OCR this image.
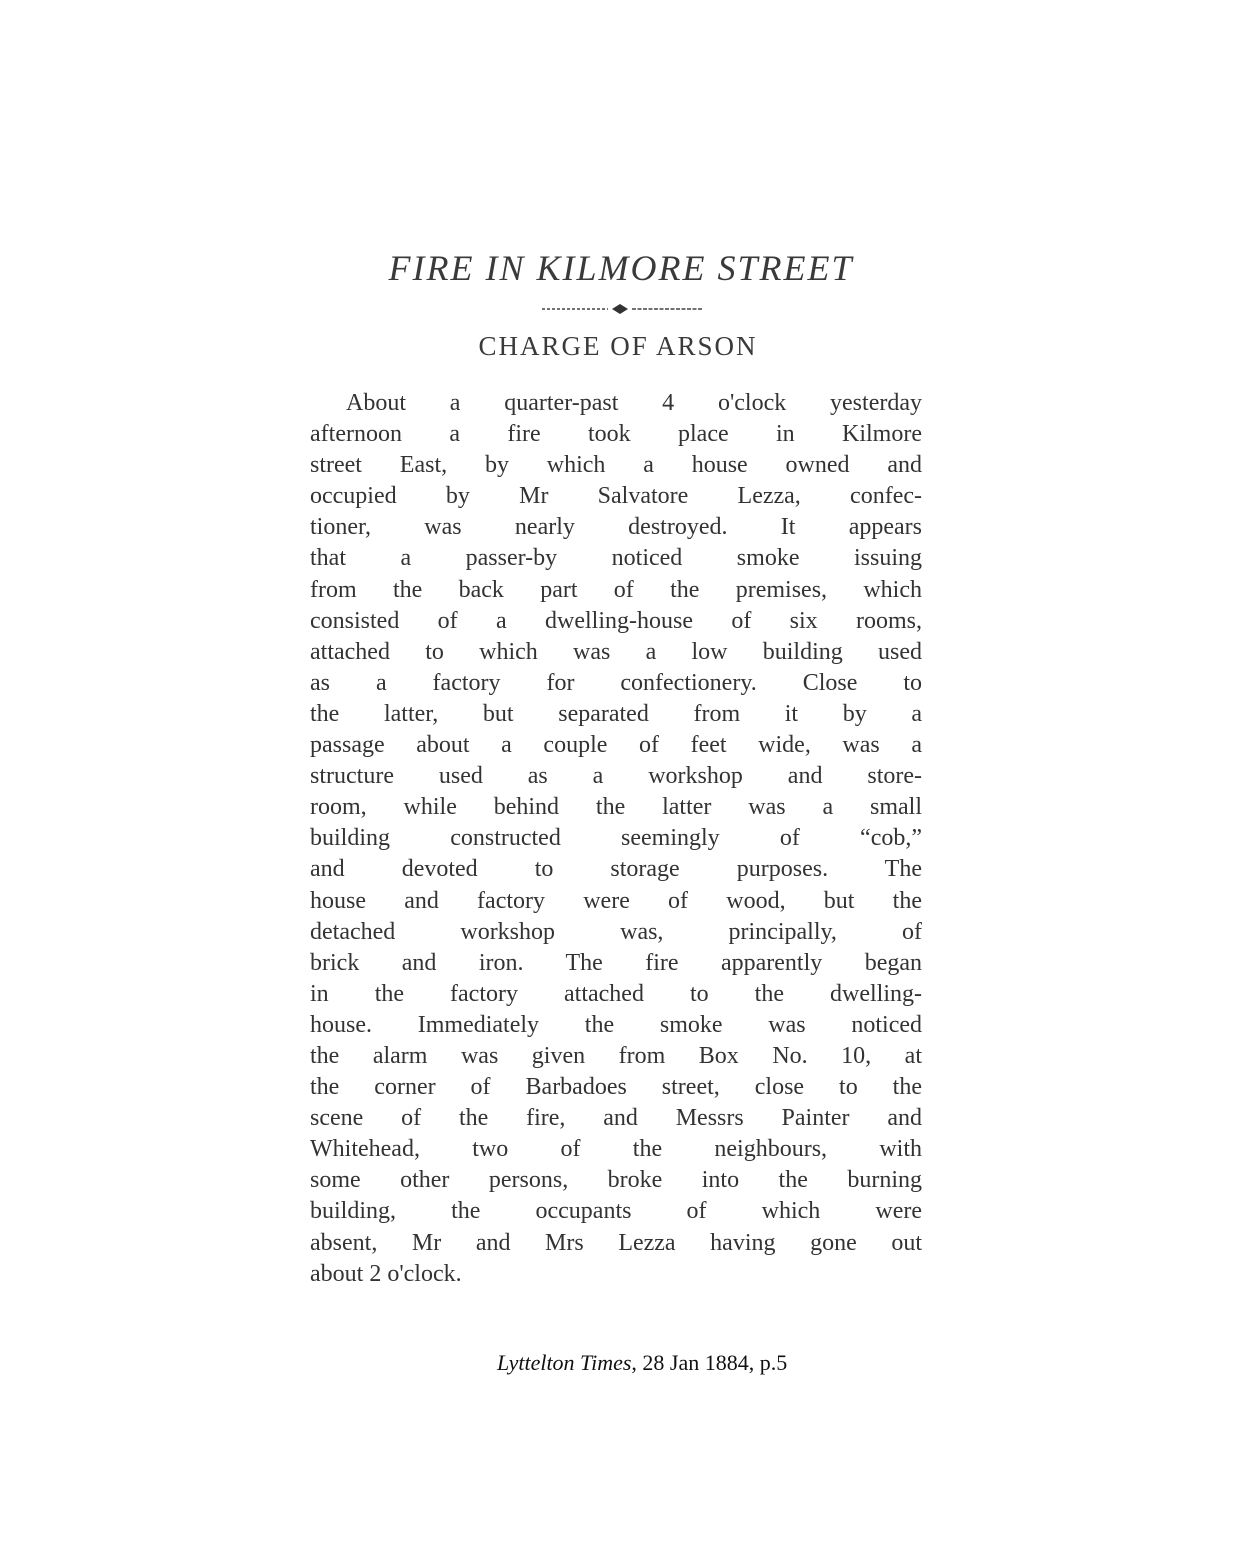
FIRE IN KILMORE STREET
CHARGE OF ARSON
About a quarter-past 4 o'clock yesterday
afternoon a fire took place in Kilmore
street East, by which a house owned and
occupied by Mr Salvatore Lezza, confec-
tioner, was nearly destroyed. It appears
that a passer-by noticed smoke issuing
from the back part of the premises, which
consisted of a dwelling-house of six rooms,
attached to which was a low building used
as a factory for confectionery. Close to
the latter, but separated from it by a
passage about a couple of feet wide, was a
structure used as a workshop and store-
room, while behind the latter was a small
building constructed seemingly of “cob,”
and devoted to storage purposes. The
house and factory were of wood, but the
detached workshop was, principally, of
brick and iron. The fire apparently began
in the factory attached to the dwelling-
house. Immediately the smoke was noticed
the alarm was given from Box No. 10, at
the corner of Barbadoes street, close to the
scene of the fire, and Messrs Painter and
Whitehead, two of the neighbours, with
some other persons, broke into the burning
building, the occupants of which were
absent, Mr and Mrs Lezza having gone out
about 2 o'clock.
Lyttelton Times, 28 Jan 1884, p.5
